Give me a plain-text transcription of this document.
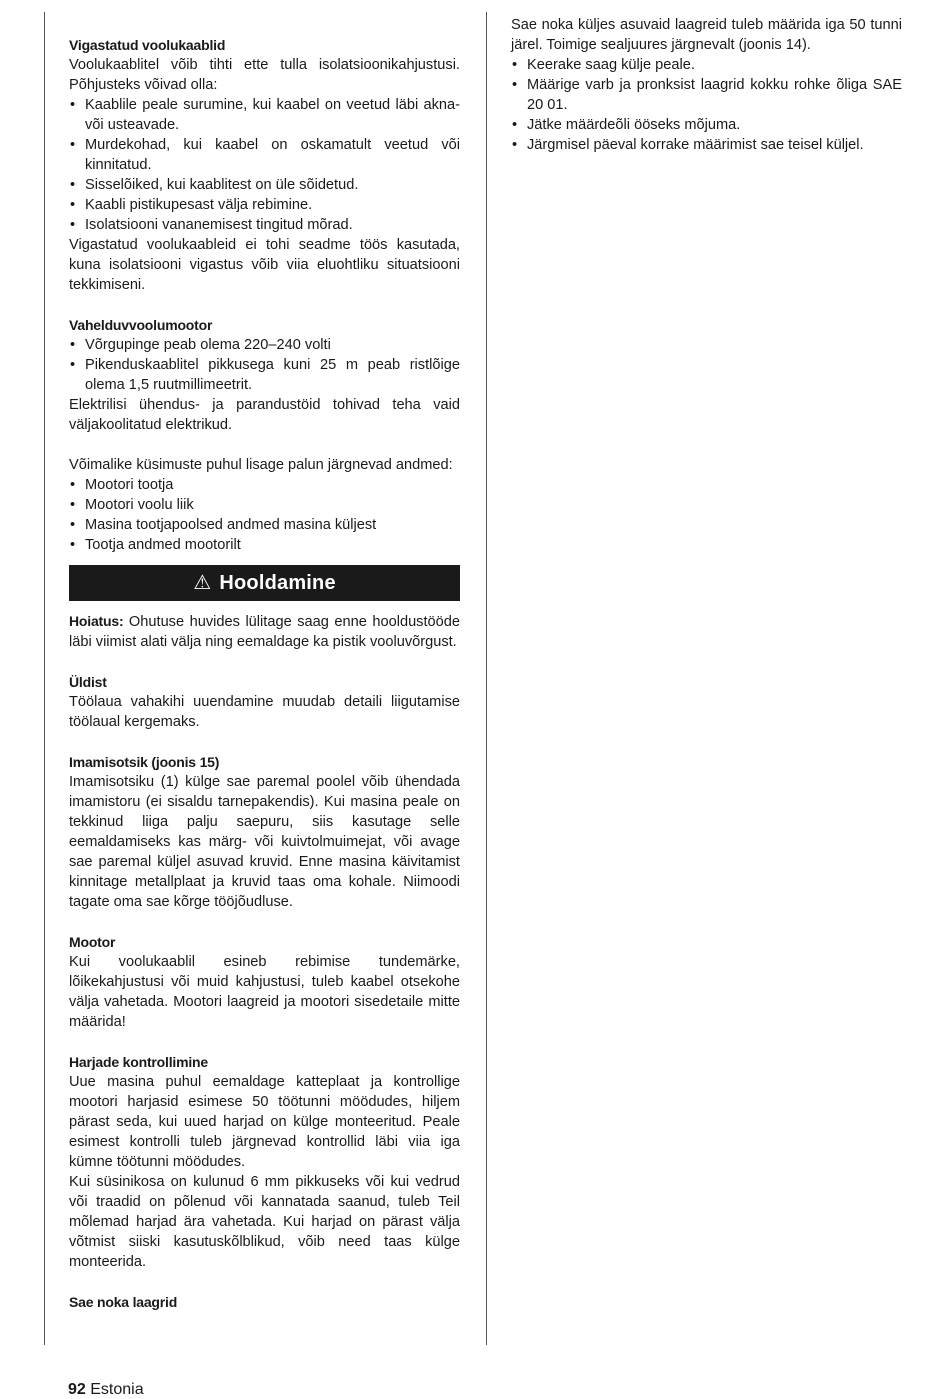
Vigastatud voolukaablid

Voolukaablitel võib tihti ette tulla isolatsioonikahjustusi. Põhjusteks võivad olla:

• Kaablile peale surumine, kui kaabel on veetud läbi akna- või usteavade.
• Murdekohad, kui kaabel on oskamatult veetud või kinnitatud.
• Sisselõiked, kui kaablitest on üle sõidetud.
• Kaabli pistikupesast välja rebimine.
• Isolatsiooni vananemisest tingitud mõrad.

Vigastatud voolukaableid ei tohi seadme töös kasutada, kuna isolatsiooni vigastus võib viia eluohtliku situatsiooni tekkimiseni.

Vahelduvvoolumootor

• Võrgupinge peab olema 220–240 volti
• Pikenduskaablitel pikkusega kuni 25 m peab ristlõige olema 1,5 ruutmillimeetrit.

Elektrilisi ühendus- ja parandustöid tohivad teha vaid väljakoolitatud elektrikud.

Võimalike küsimuste puhul lisage palun järgnevad andmed:

• Mootori tootja
• Mootori voolu liik
• Masina tootjapoolsed andmed masina küljest
• Tootja andmed mootorilt
⚠ Hooldamine

Hoiatus: Ohutuse huvides lülitage saag enne hooldustööde läbi viimist alati välja ning eemaldage ka pistik vooluvõrgust.

Üldist

Töölaua vahakihi uuendamine muudab detaili liigutamise töölaual kergemaks.

Imamisotsik (joonis 15)

Imamisotsiku (1) külge sae paremal poolel võib ühendada imamistoru (ei sisaldu tarnepakendis). Kui masina peale on tekkinud liiga palju saepuru, siis kasutage selle eemaldamiseks kas märg- või kuivtolmuimejat, või avage sae paremal küljel asuvad kruvid. Enne masina käivitamist kinnitage metallplaat ja kruvid taas oma kohale. Niimoodi tagate oma sae kõrge tööjõudluse.

Mootor

Kui voolukaablil esineb rebimise tundemärke, lõikekahjustusi või muid kahjustusi, tuleb kaabel otsekohe välja vahetada. Mootori laagreid ja mootori sisedetaile mitte määrida!

Harjade kontrollimine

Uue masina puhul eemaldage katteplaat ja kontrollige mootori harjasid esimese 50 töötunni möödudes, hiljem pärast seda, kui uued harjad on külge monteeritud. Peale esimest kontrolli tuleb järgnevad kontrollid läbi viia iga kümne töötunni möödudes.

Kui süsinikosa on kulunud 6 mm pikkuseks või kui vedrud või traadid on põlenud või kannatada saanud, tuleb Teil mõlemad harjad ära vahetada. Kui harjad on pärast välja võtmist siiski kasutuskõlblikud, võib need taas külge monteerida.

Sae noka laagrid

Sae noka küljes asuvaid laagreid tuleb määrida iga 50 tunni järel. Toimige sealjuures järgnevalt (joonis 14).

• Keerake saag külje peale.
• Määrige varb ja pronksist laagrid kokku rohke õliga SAE 20 01.
• Jätke määrdeõli ööseks mõjuma.
• Järgmisel päeval korrake määrimist sae teisel küljel.
92 Estonia
